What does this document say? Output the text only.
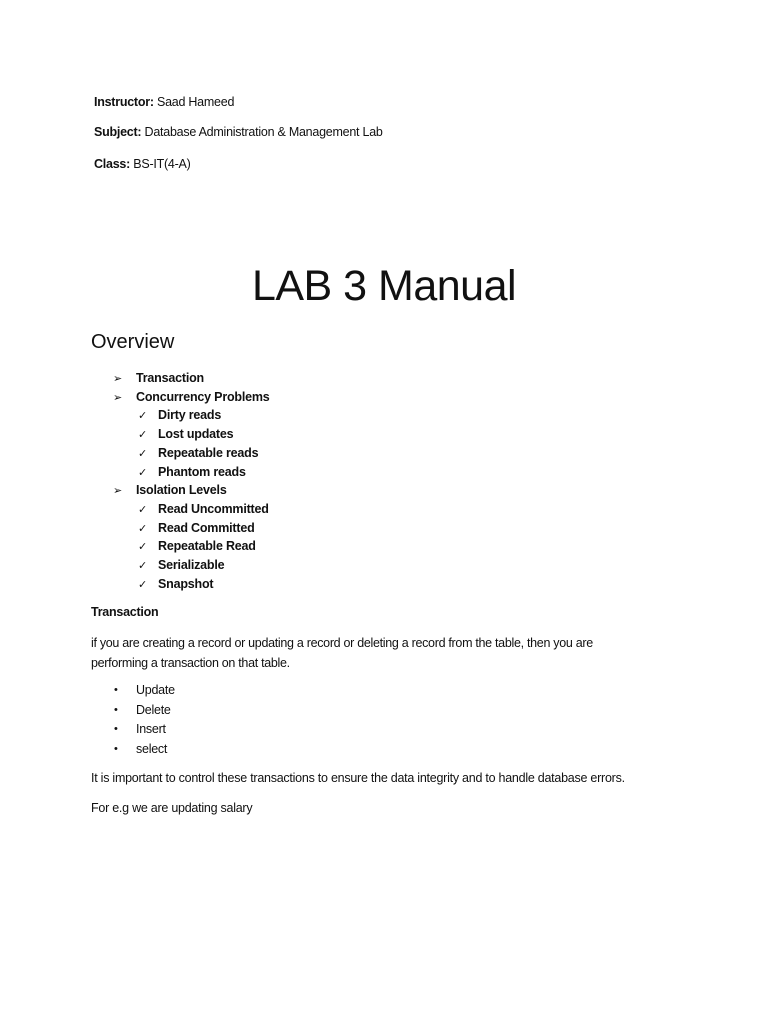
Instructor: Saad Hameed
Subject: Database Administration & Management Lab
Class: BS-IT(4-A)
LAB 3 Manual
Overview
➢ Transaction
➢ Concurrency Problems
✓ Dirty reads
✓ Lost updates
✓ Repeatable reads
✓ Phantom reads
➢ Isolation Levels
✓ Read Uncommitted
✓ Read Committed
✓ Repeatable Read
✓ Serializable
✓ Snapshot
Transaction
if you are creating a record or updating a record or deleting a record from the table, then you are performing a transaction on that table.
• Update
• Delete
• Insert
• select
It is important to control these transactions to ensure the data integrity and to handle database errors.
For e.g we are updating salary
